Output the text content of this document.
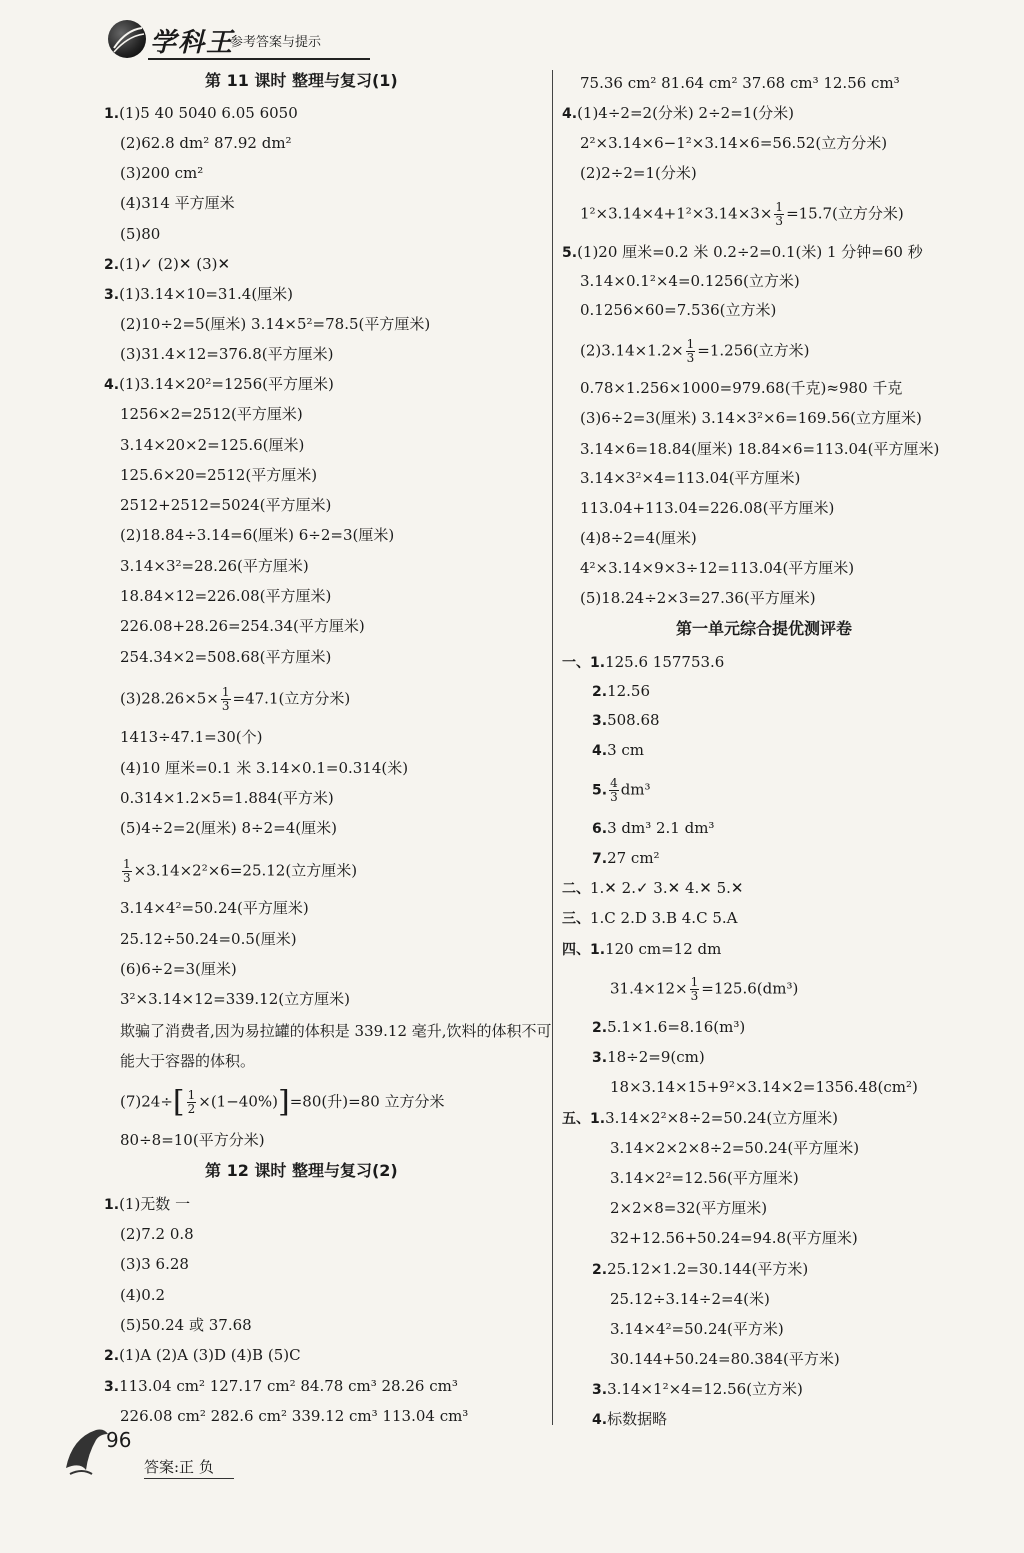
学科王
参考答案与提示
第 11 课时 整理与复习(1)
1.(1)5 40 5040 6.05 6050
(2)62.8 dm² 87.92 dm²
(3)200 cm²
(4)314 平方厘米
(5)80
2.(1)✓ (2)✕ (3)✕
3.(1)3.14×10=31.4(厘米)
(2)10÷2=5(厘米) 3.14×5²=78.5(平方厘米)
(3)31.4×12=376.8(平方厘米)
4.(1)3.14×20²=1256(平方厘米)
1256×2=2512(平方厘米)
3.14×20×2=125.6(厘米)
125.6×20=2512(平方厘米)
2512+2512=5024(平方厘米)
(2)18.84÷3.14=6(厘米) 6÷2=3(厘米)
3.14×3²=28.26(平方厘米)
18.84×12=226.08(平方厘米)
226.08+28.26=254.34(平方厘米)
254.34×2=508.68(平方厘米)
$(3)28.26\times 5\times \frac{1}{3} =47.1$(立方分米)
1413÷47.1=30(个)
(4)10 厘米=0.1 米 3.14×0.1=0.314(米)
0.314×1.2×5=1.884(平方米)
(5)4÷2=2(厘米) 8÷2=4(厘米)
$\frac{1}{3} \times 3.14\times 2^2\times 6=25.12$(立方厘米)
3.14×4²=50.24(平方厘米)
25.12÷50.24=0.5(厘米)
(6)6÷2=3(厘米)
3²×3.14×12=339.12(立方厘米)
欺骗了消费者,因为易拉罐的体积是 339.12 毫升,饮料的体积不可能大于容器的体积。
$(7)24\div[ \frac{1}{2} \times(1-40\%)]=80$(升)=80 立方分米
80÷8=10(平方分米)
第 12 课时 整理与复习(2)
1.(1)无数 一
(2)7.2 0.8
(3)3 6.28
(4)0.2
(5)50.24 或 37.68
2.(1)A (2)A (3)D (4)B (5)C
3.113.04 cm² 127.17 cm² 84.78 cm³ 28.26 cm³
226.08 cm² 282.6 cm² 339.12 cm³ 113.04 cm³
75.36 cm² 81.64 cm² 37.68 cm³ 12.56 cm³
4.(1)4÷2=2(分米) 2÷2=1(分米)
2²×3.14×6−1²×3.14×6=56.52(立方分米)
(2)2÷2=1(分米)
$1^2\times 3.14\times 4+1^2\times 3.14\times 3\times \frac{1}{3} =15.7$(立方分米)
5.(1)20 厘米=0.2 米 0.2÷2=0.1(米) 1 分钟=60 秒
3.14×0.1²×4=0.1256(立方米)
0.1256×60=7.536(立方米)
$(2)3.14\times 1.2\times \frac{1}{3} =1.256$(立方米)
0.78×1.256×1000=979.68(千克)≈980 千克
(3)6÷2=3(厘米) 3.14×3²×6=169.56(立方厘米)
3.14×6=18.84(厘米) 18.84×6=113.04(平方厘米)
3.14×3²×4=113.04(平方厘米)
113.04+113.04=226.08(平方厘米)
(4)8÷2=4(厘米)
4²×3.14×9×3÷12=113.04(平方厘米)
(5)18.24÷2×3=27.36(平方厘米)
第一单元综合提优测评卷
一、1.125.6 157753.6
2.12.56
3.508.68
4.3 cm
5. $\frac{4}{3} dm^3$
6.3 dm³ 2.1 dm³
7.27 cm²
二、1.✕ 2.✓ 3.✕ 4.✕ 5.✕
三、1.C 2.D 3.B 4.C 5.A
四、1.120 cm=12 dm
$31.4\times 12\times \frac{1}{3} =125.6(dm^3)$
2.5.1×1.6=8.16(m³)
3.18÷2=9(cm)
18×3.14×15+9²×3.14×2=1356.48(cm²)
五、1.3.14×2²×8÷2=50.24(立方厘米)
3.14×2×2×8÷2=50.24(平方厘米)
3.14×2²=12.56(平方厘米)
2×2×8=32(平方厘米)
32+12.56+50.24=94.8(平方厘米)
2.25.12×1.2=30.144(平方米)
25.12÷3.14÷2=4(米)
3.14×4²=50.24(平方米)
30.144+50.24=80.384(平方米)
3.3.14×1²×4=12.56(立方米)
4.标数据略
96
答案:正 负
